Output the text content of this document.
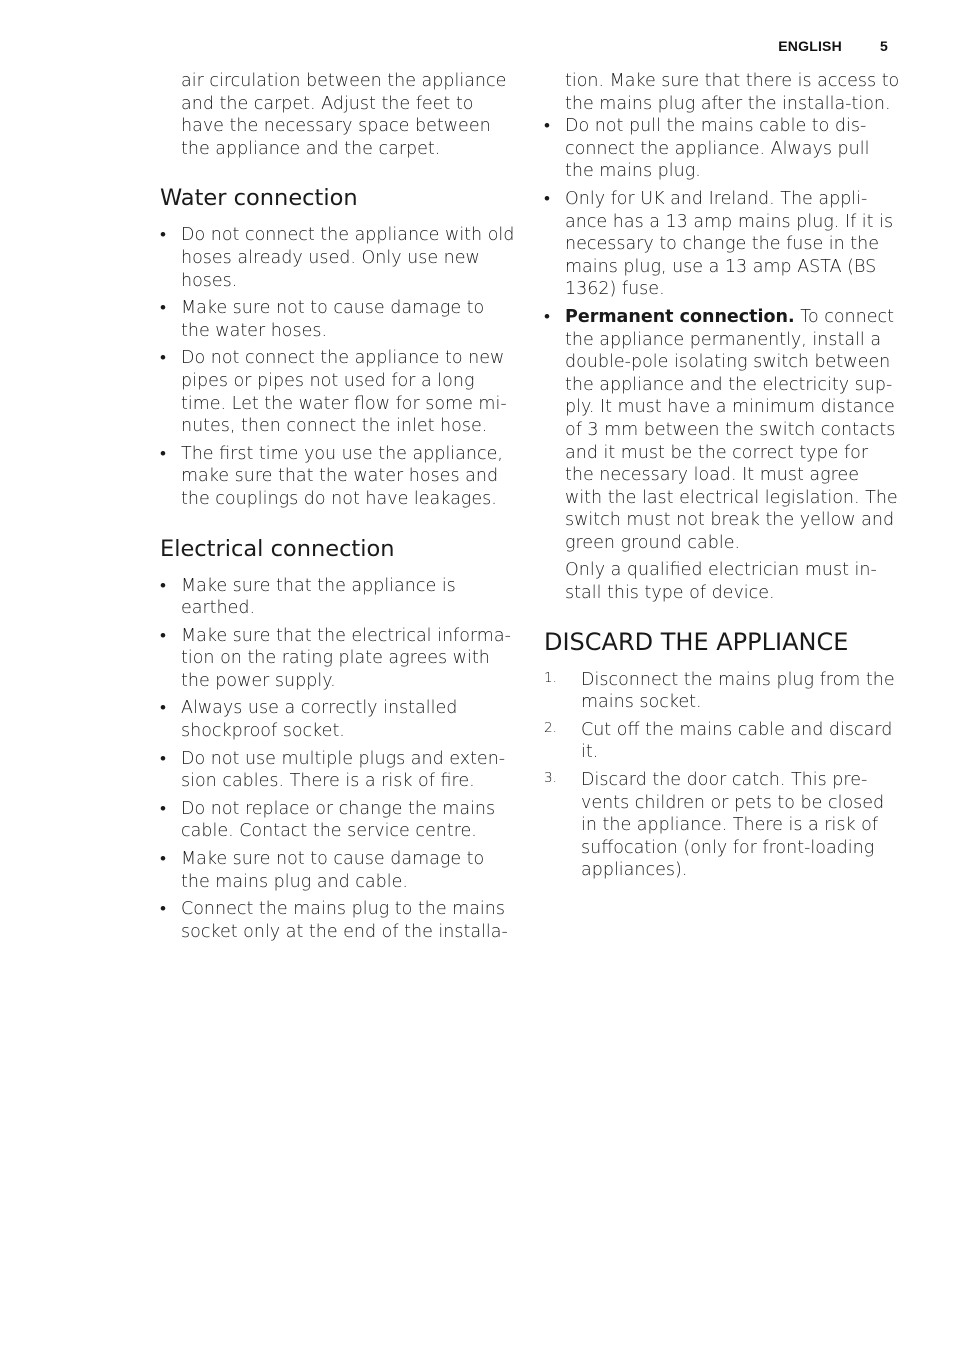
ENGLISH	5

air circulation between the appliance and the carpet. Adjust the feet to have the necessary space between the appliance and the carpet.

Water connection
• Do not connect the appliance with old hoses already used. Only use new hoses.
• Make sure not to cause damage to the water hoses.
• Do not connect the appliance to new pipes or pipes not used for a long time. Let the water flow for some mi-nutes, then connect the inlet hose.
• The first time you use the appliance, make sure that the water hoses and the couplings do not have leakages.
Electrical connection
• Make sure that the appliance is earthed.
• Make sure that the electrical informa-tion on the rating plate agrees with the power supply.
• Always use a correctly installed shockproof socket.
• Do not use multiple plugs and exten-sion cables. There is a risk of fire.
• Do not replace or change the mains cable. Contact the service centre.
• Make sure not to cause damage to the mains plug and cable.
• Connect the mains plug to the mains socket only at the end of the installa-

tion. Make sure that there is access to the mains plug after the installa-tion.

• Do not pull the mains cable to dis-connect the appliance. Always pull the mains plug.
• Only for UK and Ireland. The appli-ance has a 13 amp mains plug. If it is necessary to change the fuse in the mains plug, use a 13 amp ASTA (BS 1362) fuse.
• Permanent connection. To connect the appliance permanently, install a double-pole isolating switch between the appliance and the electricity sup-ply. It must have a minimum distance of 3 mm between the switch contacts and it must be the correct type for the necessary load. It must agree with the last electrical legislation. The switch must not break the yellow and green ground cable.

Only a qualified electrician must in-stall this type of device.

DISCARD THE APPLIANCE
1. Disconnect the mains plug from the mains socket.
2. Cut off the mains cable and discard it.
3. Discard the door catch. This pre-vents children or pets to be closed in the appliance. There is a risk of suffocation (only for front-loading appliances).
